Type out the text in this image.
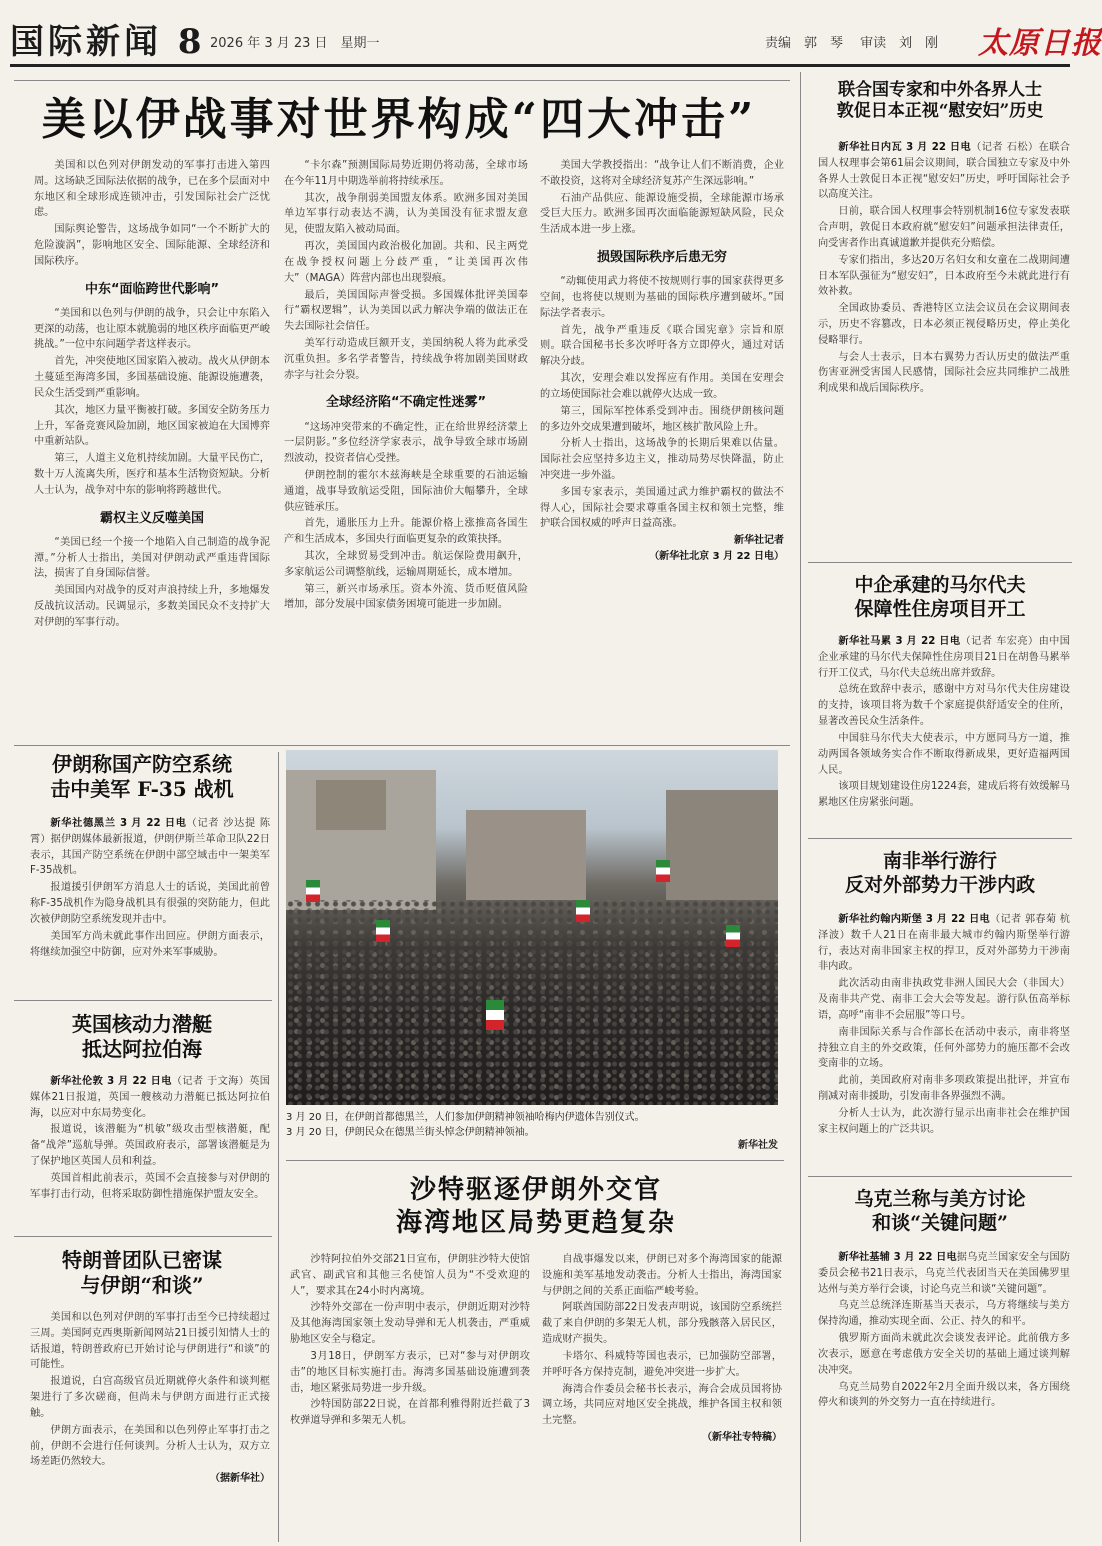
国际新闻 8 2026 年 3 月 23 日　星期一	责编　郭　琴　 审读　刘　刚 太原日报
美以伊战事对世界构成“四大冲击”

美国和以色列对伊朗发动的军事打击进入第四周。这场缺乏国际法依据的战争，已在多个层面对中东地区和全球形成连锁冲击，引发国际社会广泛忧虑。

国际舆论警告，这场战争如同“一个不断扩大的危险漩涡”，影响地区安全、国际能源、全球经济和国际秩序。

中东“面临跨世代影响”

“美国和以色列与伊朗的战争，只会让中东陷入更深的动荡，也让原本就脆弱的地区秩序面临更严峻挑战。”一位中东问题学者这样表示。

首先，冲突使地区国家陷入被动。战火从伊朗本土蔓延至海湾多国，多国基础设施、能源设施遭袭，民众生活受到严重影响。

其次，地区力量平衡被打破。多国安全防务压力上升，军备竞赛风险加剧，地区国家被迫在大国博弈中重新站队。

第三，人道主义危机持续加剧。大量平民伤亡，数十万人流离失所，医疗和基本生活物资短缺。分析人士认为，战争对中东的影响将跨越世代。

霸权主义反噬美国

“美国已经一个接一个地陷入自己制造的战争泥潭。”分析人士指出，美国对伊朗动武严重违背国际法，损害了自身国际信誉。

美国国内对战争的反对声浪持续上升，多地爆发反战抗议活动。民调显示，多数美国民众不支持扩大对伊朗的军事行动。

“卡尔森”预测国际局势近期仍将动荡，全球市场在今年11月中期选举前将持续承压。

其次，战争削弱美国盟友体系。欧洲多国对美国单边军事行动表达不满，认为美国没有征求盟友意见，使盟友陷入被动局面。

再次，美国国内政治极化加剧。共和、民主两党在战争授权问题上分歧严重，“让美国再次伟大”（MAGA）阵营内部也出现裂痕。

最后，美国国际声誉受损。多国媒体批评美国奉行“霸权逻辑”，认为美国以武力解决争端的做法正在失去国际社会信任。

美军行动造成巨额开支，美国纳税人将为此承受沉重负担。多名学者警告，持续战争将加剧美国财政赤字与社会分裂。

全球经济陷“不确定性迷雾”

“这场冲突带来的不确定性，正在给世界经济蒙上一层阴影。”多位经济学家表示，战争导致全球市场剧烈波动，投资者信心受挫。

伊朗控制的霍尔木兹海峡是全球重要的石油运输通道，战事导致航运受阻，国际油价大幅攀升，全球供应链承压。

首先，通胀压力上升。能源价格上涨推高各国生产和生活成本，多国央行面临更复杂的政策抉择。

其次，全球贸易受到冲击。航运保险费用飙升，多家航运公司调整航线，运输周期延长，成本增加。

第三，新兴市场承压。资本外流、货币贬值风险增加，部分发展中国家债务困境可能进一步加剧。

美国大学教授指出：“战争让人们不断消费，企业不敢投资，这将对全球经济复苏产生深远影响。”

石油产品供应、能源设施受损，全球能源市场承受巨大压力。欧洲多国再次面临能源短缺风险，民众生活成本进一步上涨。

损毁国际秩序后患无穷

“动辄使用武力将使不按规则行事的国家获得更多空间，也将使以规则为基础的国际秩序遭到破坏。”国际法学者表示。

首先，战争严重违反《联合国宪章》宗旨和原则。联合国秘书长多次呼吁各方立即停火，通过对话解决分歧。

其次，安理会难以发挥应有作用。美国在安理会的立场使国际社会难以就停火达成一致。

第三，国际军控体系受到冲击。围绕伊朗核问题的多边外交成果遭到破坏，地区核扩散风险上升。

分析人士指出，这场战争的长期后果难以估量。国际社会应坚持多边主义，推动局势尽快降温，防止冲突进一步外溢。

多国专家表示，美国通过武力维护霸权的做法不得人心，国际社会要求尊重各国主权和领土完整，维护联合国权威的呼声日益高涨。

新华社记者
（新华社北京 3 月 22 日电）
伊朗称国产防空系统
击中美军 F-35 战机

新华社德黑兰 3 月 22 日电（记者 沙达提 陈霄）据伊朗媒体最新报道，伊朗伊斯兰革命卫队22日表示，其国产防空系统在伊朗中部空域击中一架美军F-35战机。

报道援引伊朗军方消息人士的话说，美国此前曾称F-35战机作为隐身战机具有很强的突防能力，但此次被伊朗防空系统发现并击中。

美国军方尚未就此事作出回应。伊朗方面表示，将继续加强空中防御，应对外来军事威胁。

英国核动力潜艇
抵达阿拉伯海

新华社伦敦 3 月 22 日电（记者 于文海）英国媒体21日报道，英国一艘核动力潜艇已抵达阿拉伯海，以应对中东局势变化。

报道说，该潜艇为“机敏”级攻击型核潜艇，配备“战斧”巡航导弹。英国政府表示，部署该潜艇是为了保护地区英国人员和利益。

英国首相此前表示，英国不会直接参与对伊朗的军事打击行动，但将采取防御性措施保护盟友安全。

特朗普团队已密谋
与伊朗“和谈”

美国和以色列对伊朗的军事打击至今已持续超过三周。美国阿克西奥斯新闻网站21日援引知情人士的话报道，特朗普政府已开始讨论与伊朗进行“和谈”的可能性。

报道说，白宫高级官员近期就停火条件和谈判框架进行了多次磋商，但尚未与伊朗方面进行正式接触。

伊朗方面表示，在美国和以色列停止军事打击之前，伊朗不会进行任何谈判。分析人士认为，双方立场差距仍然较大。

（据新华社）
3 月 20 日，在伊朗首都德黑兰，人们参加伊朗精神领袖哈梅内伊遗体告别仪式。
3 月 20 日，伊朗民众在德黑兰街头悼念伊朗精神领袖。
新华社发
沙特驱逐伊朗外交官
海湾地区局势更趋复杂

沙特阿拉伯外交部21日宣布，伊朗驻沙特大使馆武官、副武官和其他三名使馆人员为“不受欢迎的人”，要求其在24小时内离境。

沙特外交部在一份声明中表示，伊朗近期对沙特及其他海湾国家领土发动导弹和无人机袭击，严重威胁地区安全与稳定。

3月18日，伊朗军方表示，已对“参与对伊朗攻击”的地区目标实施打击。海湾多国基础设施遭到袭击，地区紧张局势进一步升级。

沙特国防部22日说，在首都利雅得附近拦截了3枚弹道导弹和多架无人机。

自战事爆发以来，伊朗已对多个海湾国家的能源设施和美军基地发动袭击。分析人士指出，海湾国家与伊朗之间的关系正面临严峻考验。

阿联酋国防部22日发表声明说，该国防空系统拦截了来自伊朗的多架无人机，部分残骸落入居民区，造成财产损失。

卡塔尔、科威特等国也表示，已加强防空部署，并呼吁各方保持克制，避免冲突进一步扩大。

海湾合作委员会秘书长表示，海合会成员国将协调立场，共同应对地区安全挑战，维护各国主权和领土完整。

（新华社专特稿）
联合国专家和中外各界人士
敦促日本正视“慰安妇”历史

新华社日内瓦 3 月 22 日电（记者 石松）在联合国人权理事会第61届会议期间，联合国独立专家及中外各界人士敦促日本正视“慰安妇”历史，呼吁国际社会予以高度关注。

日前，联合国人权理事会特别机制16位专家发表联合声明，敦促日本政府就“慰安妇”问题承担法律责任，向受害者作出真诚道歉并提供充分赔偿。

专家们指出，多达20万名妇女和女童在二战期间遭日本军队强征为“慰安妇”，日本政府至今未就此进行有效补救。

全国政协委员、香港特区立法会议员在会议期间表示，历史不容篡改，日本必须正视侵略历史，停止美化侵略罪行。

与会人士表示，日本右翼势力否认历史的做法严重伤害亚洲受害国人民感情，国际社会应共同维护二战胜利成果和战后国际秩序。

中企承建的马尔代夫
保障性住房项目开工

新华社马累 3 月 22 日电（记者 车宏亮）由中国企业承建的马尔代夫保障性住房项目21日在胡鲁马累举行开工仪式，马尔代夫总统出席并致辞。

总统在致辞中表示，感谢中方对马尔代夫住房建设的支持，该项目将为数千个家庭提供舒适安全的住所，显著改善民众生活条件。

中国驻马尔代夫大使表示，中方愿同马方一道，推动两国各领域务实合作不断取得新成果，更好造福两国人民。

该项目规划建设住房1224套，建成后将有效缓解马累地区住房紧张问题。

南非举行游行
反对外部势力干涉内政

新华社约翰内斯堡 3 月 22 日电（记者 郭春菊 杭泽波）数千人21日在南非最大城市约翰内斯堡举行游行，表达对南非国家主权的捍卫，反对外部势力干涉南非内政。

此次活动由南非执政党非洲人国民大会（非国大）及南非共产党、南非工会大会等发起。游行队伍高举标语，高呼“南非不会屈服”等口号。

南非国际关系与合作部长在活动中表示，南非将坚持独立自主的外交政策，任何外部势力的施压都不会改变南非的立场。

此前，美国政府对南非多项政策提出批评，并宣布削减对南非援助，引发南非各界强烈不满。

分析人士认为，此次游行显示出南非社会在维护国家主权问题上的广泛共识。

乌克兰称与美方讨论
和谈“关键问题”

新华社基辅 3 月 22 日电据乌克兰国家安全与国防委员会秘书21日表示，乌克兰代表团当天在美国佛罗里达州与美方举行会谈，讨论乌克兰和谈“关键问题”。

乌克兰总统泽连斯基当天表示，乌方将继续与美方保持沟通，推动实现全面、公正、持久的和平。

俄罗斯方面尚未就此次会谈发表评论。此前俄方多次表示，愿意在考虑俄方安全关切的基础上通过谈判解决冲突。

乌克兰局势自2022年2月全面升级以来，各方围绕停火和谈判的外交努力一直在持续进行。
